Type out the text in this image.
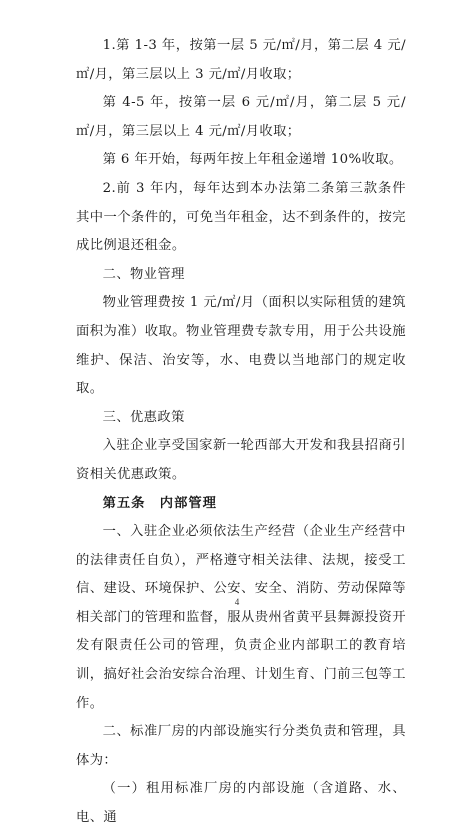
1.第 1-3 年，按第一层 5 元/㎡/月，第二层 4 元/㎡/月，第三层以上 3 元/㎡/月收取；

第 4-5 年，按第一层 6 元/㎡/月，第二层 5 元/㎡/月，第三层以上 4 元/㎡/月收取；

第 6 年开始，每两年按上年租金递增 10%收取。

2.前 3 年内，每年达到本办法第二条第三款条件其中一个条件的，可免当年租金，达不到条件的，按完成比例退还租金。

二、物业管理

物业管理费按 1 元/㎡/月（面积以实际租赁的建筑面积为准）收取。物业管理费专款专用，用于公共设施维护、保洁、治安等，水、电费以当地部门的规定收取。

三、优惠政策

入驻企业享受国家新一轮西部大开发和我县招商引资相关优惠政策。

第五条　内部管理

一、入驻企业必须依法生产经营（企业生产经营中的法律责任自负），严格遵守相关法律、法规，接受工信、建设、环境保护、公安、安全、消防、劳动保障等相关部门的管理和监督，服从贵州省黄平县舞源投资开发有限责任公司的管理，负责企业内部职工的教育培训，搞好社会治安综合治理、计划生育、门前三包等工作。

二、标准厂房的内部设施实行分类负责和管理，具体为：

（一）租用标准厂房的内部设施（含道路、水、电、通

4
